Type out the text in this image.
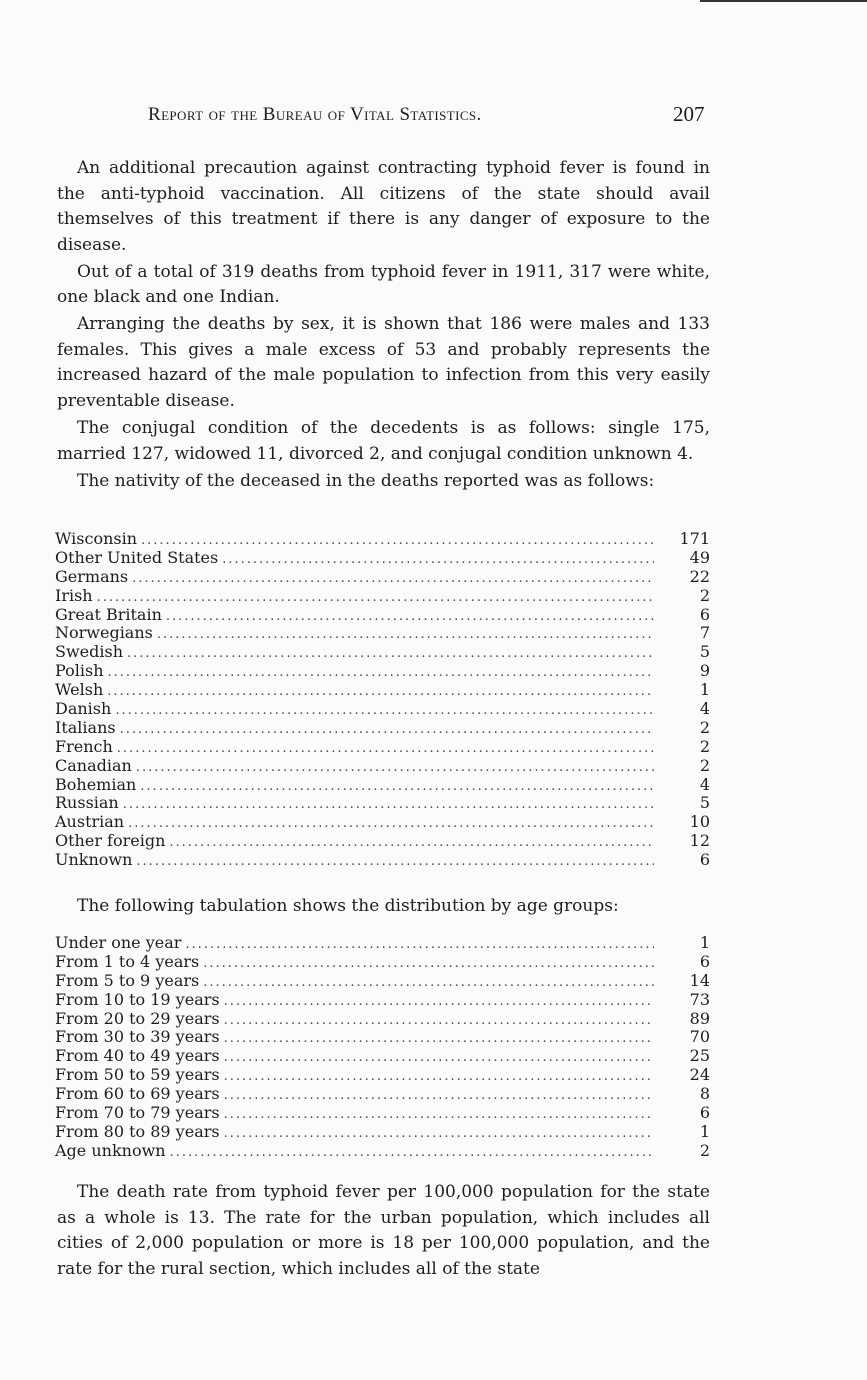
Report of the Bureau of Vital Statistics.	207

An additional precaution against contracting typhoid fever is found in the anti-typhoid vaccination. All citizens of the state should avail themselves of this treatment if there is any danger of exposure to the disease.

Out of a total of 319 deaths from typhoid fever in 1911, 317 were white, one black and one Indian.

Arranging the deaths by sex, it is shown that 186 were males and 133 females. This gives a male excess of 53 and probably represents the increased hazard of the male population to infection from this very easily preventable disease.

The conjugal condition of the decedents is as follows: single 175, married 127, widowed 11, divorced 2, and conjugal condition unknown 4.

The nativity of the deceased in the deaths reported was as follows:

Wisconsin .....	171
Other United States .....	49
Germans .....	22
Irish .....	2
Great Britain .....	6
Norwegians .....	7
Swedish .....	5
Polish .....	9
Welsh .....	1
Danish .....	4
Italians .....	2
French .....	2
Canadian .....	2
Bohemian .....	4
Russian .....	5
Austrian .....	10
Other foreign .....	12
Unknown .....	6
The following tabulation shows the distribution by age groups:
Under one year .....	1
From 1 to 4 years .....	6
From 5 to 9 years .....	14
From 10 to 19 years .....	73
From 20 to 29 years .....	89
From 30 to 39 years .....	70
From 40 to 49 years .....	25
From 50 to 59 years .....	24
From 60 to 69 years .....	8
From 70 to 79 years .....	6
From 80 to 89 years .....	1
Age unknown .....	2

The death rate from typhoid fever per 100,000 population for the state as a whole is 13. The rate for the urban population, which includes all cities of 2,000 population or more is 18 per 100,000 population, and the rate for the rural section, which includes all of the state
